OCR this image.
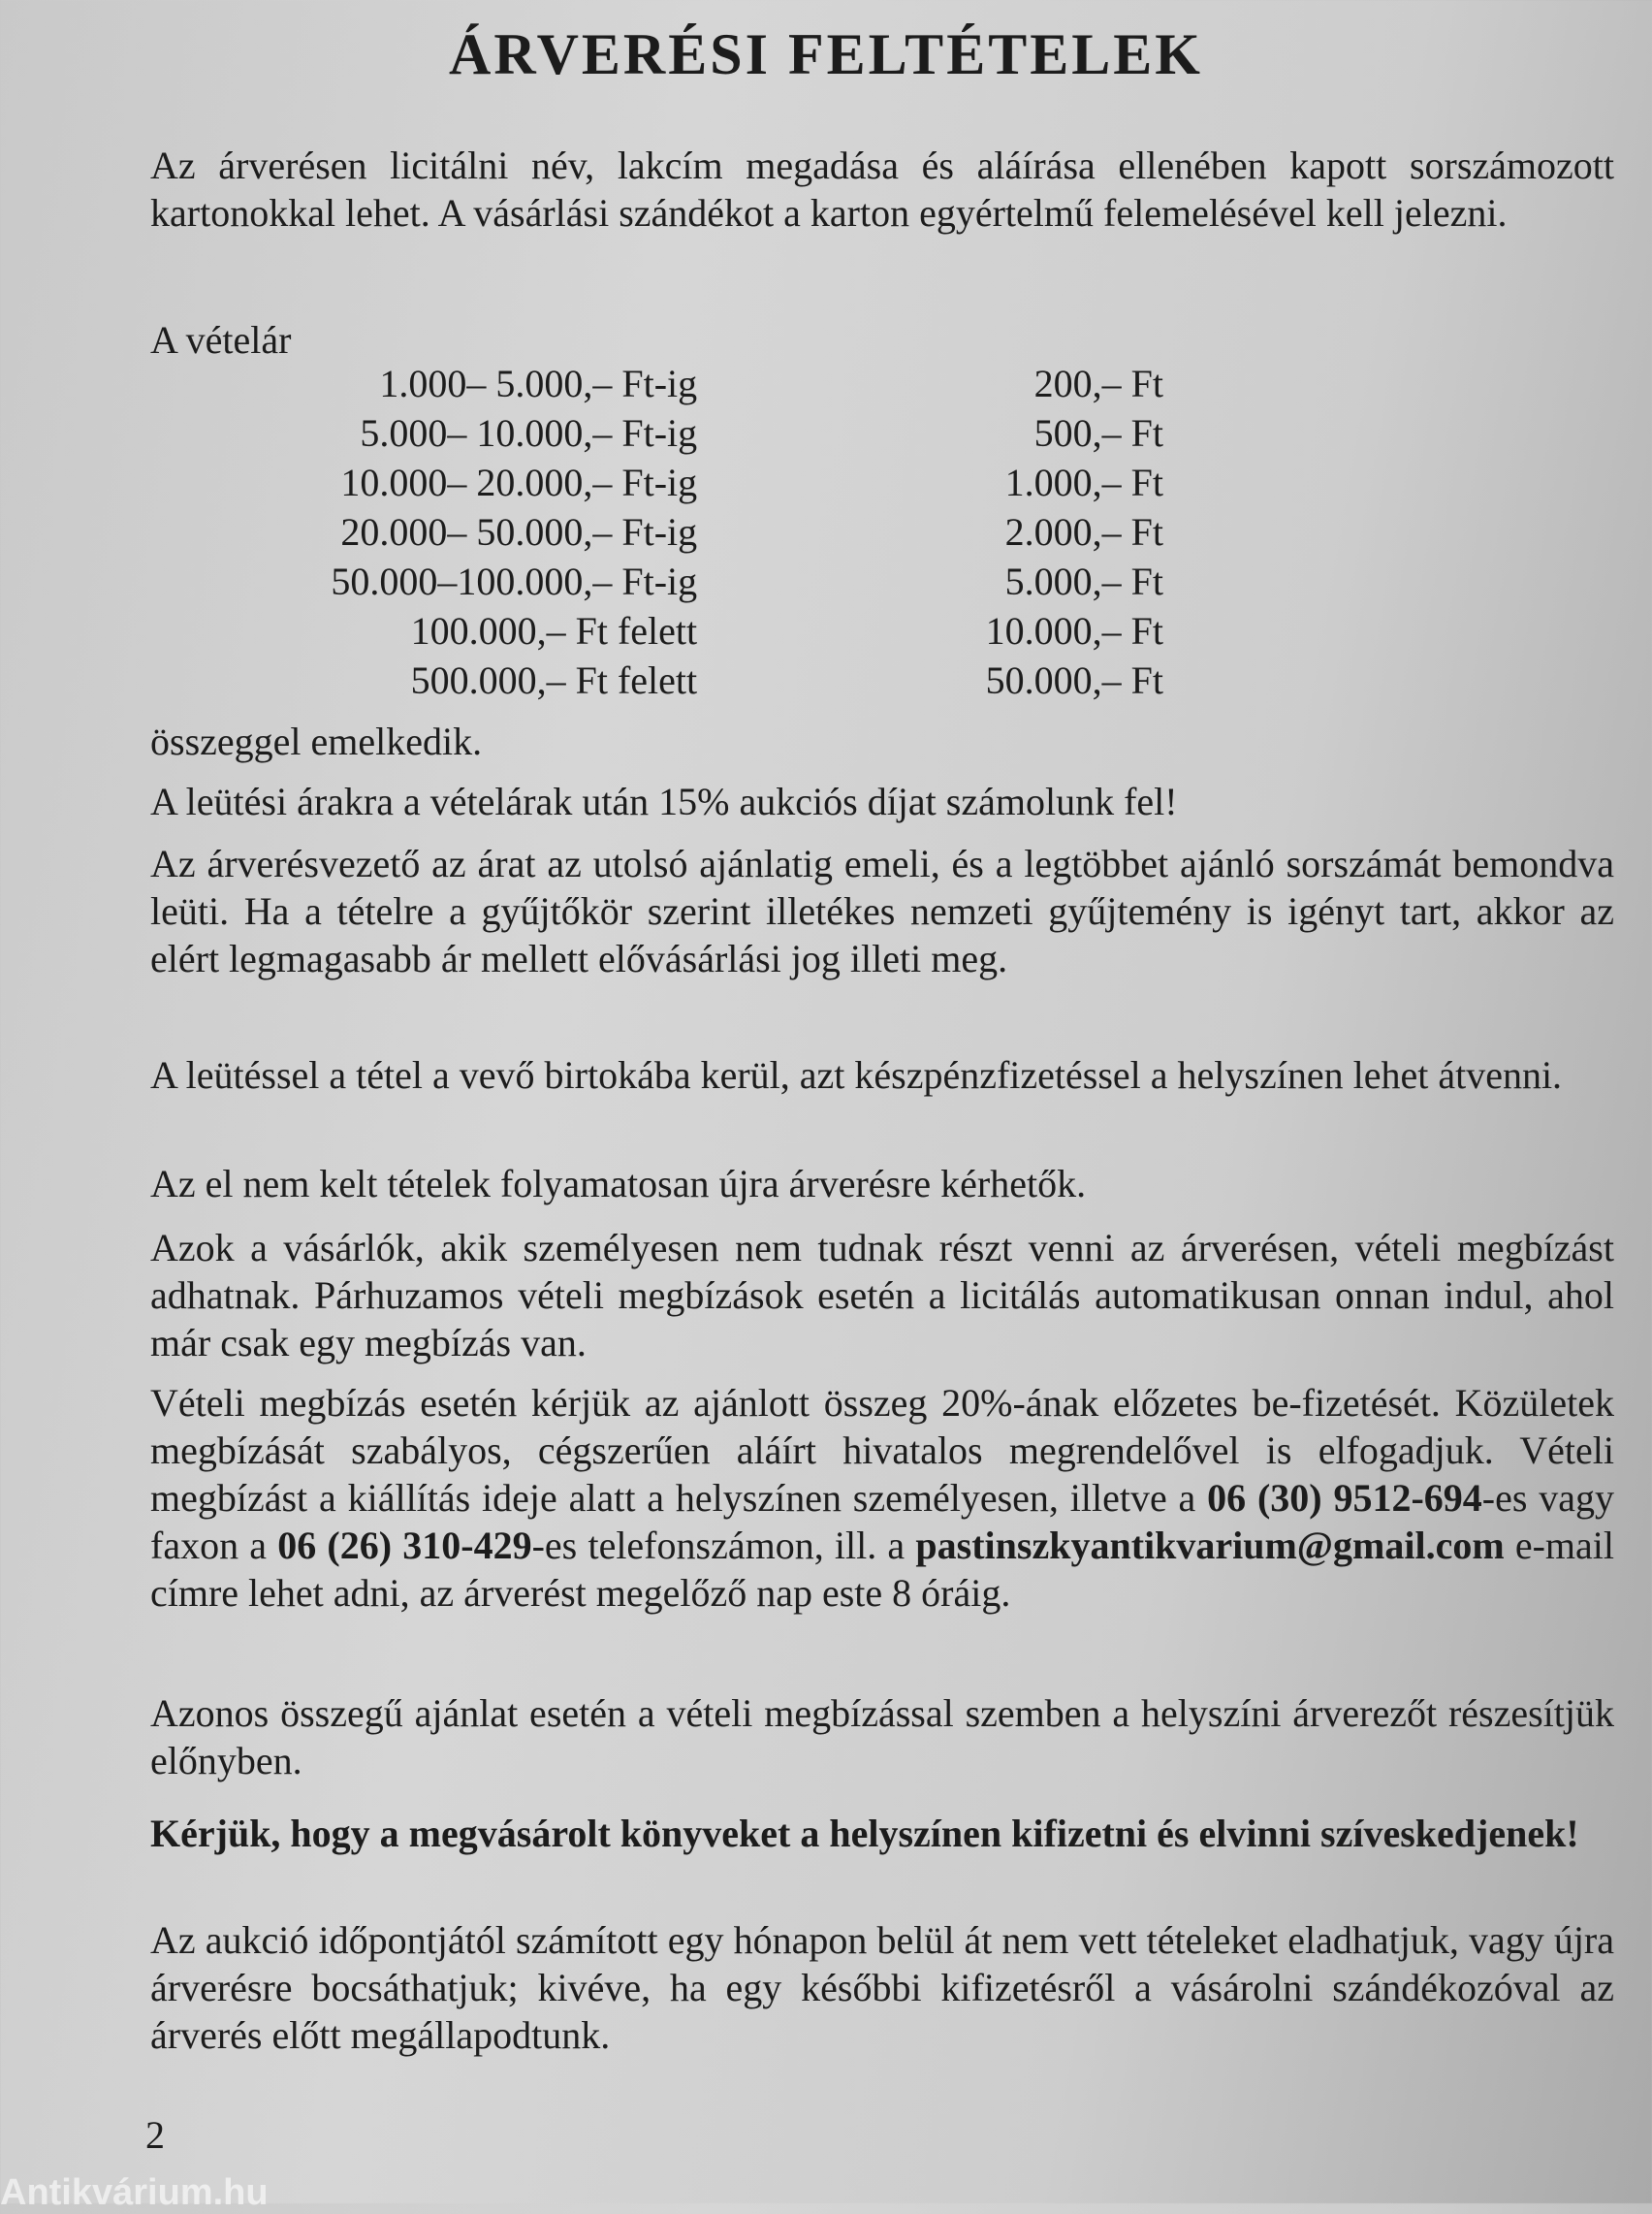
ÁRVERÉSI FELTÉTELEK

Az árverésen licitálni név, lakcím megadása és aláírása ellenében kapott sorszámozott kartonokkal lehet. A vásárlási szándékot a karton egyértelmű felemelésével kell jelezni.

A vételár

1.000– 5.000,– Ft-ig	200,– Ft
5.000– 10.000,– Ft-ig	500,– Ft
10.000– 20.000,– Ft-ig	1.000,– Ft
20.000– 50.000,– Ft-ig	2.000,– Ft
50.000–100.000,– Ft-ig	5.000,– Ft
100.000,– Ft felett	10.000,– Ft
500.000,– Ft felett	50.000,– Ft

összeggel emelkedik.

A leütési árakra a vételárak után 15% aukciós díjat számolunk fel!

Az árverésvezető az árat az utolsó ajánlatig emeli, és a legtöbbet ajánló sorszámát bemondva leüti. Ha a tételre a gyűjtőkör szerint illetékes nemzeti gyűjtemény is igényt tart, akkor az elért legmagasabb ár mellett elővásárlási jog illeti meg.

A leütéssel a tétel a vevő birtokába kerül, azt készpénzfizetéssel a helyszínen lehet átvenni.

Az el nem kelt tételek folyamatosan újra árverésre kérhetők.

Azok a vásárlók, akik személyesen nem tudnak részt venni az árverésen, vételi megbízást adhatnak. Párhuzamos vételi megbízások esetén a licitálás automatikusan onnan indul, ahol már csak egy megbízás van.

Vételi megbízás esetén kérjük az ajánlott összeg 20%-ának előzetes be-fizetését. Közületek megbízását szabályos, cégszerűen aláírt hivatalos megrendelővel is elfogadjuk. Vételi megbízást a kiállítás ideje alatt a helyszínen személyesen, illetve a 06 (30) 9512-694-es vagy faxon a 06 (26) 310-429-es telefonszámon, ill. a pastinszkyantikvarium@gmail.com e-mail címre lehet adni, az árverést megelőző nap este 8 óráig.

Azonos összegű ajánlat esetén a vételi megbízással szemben a helyszíni árverezőt részesítjük előnyben.

Kérjük, hogy a megvásárolt könyveket a helyszínen kifizetni és elvinni szíveskedjenek!

Az aukció időpontjától számított egy hónapon belül át nem vett tételeket eladhatjuk, vagy újra árverésre bocsáthatjuk; kivéve, ha egy későbbi kifizetésről a vásárolni szándékozóval az árverés előtt megállapodtunk.

2

Antikvárium.hu
